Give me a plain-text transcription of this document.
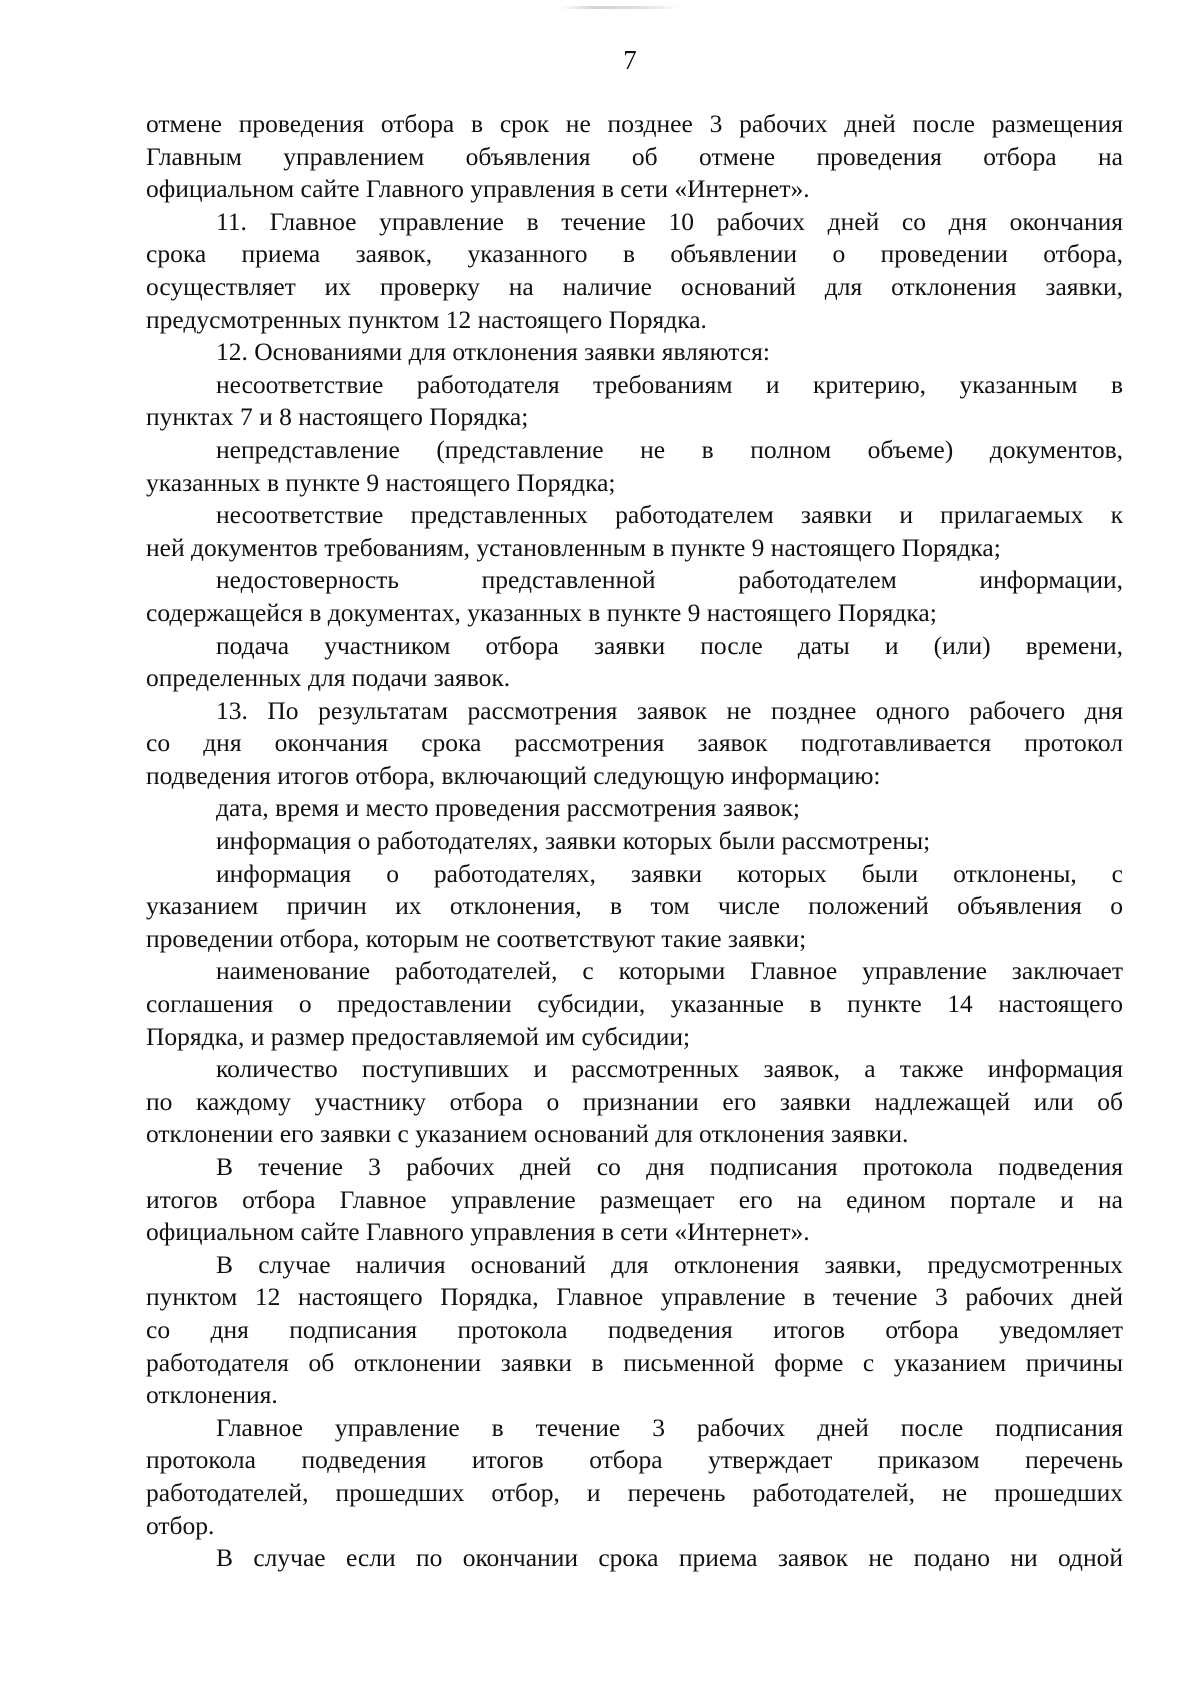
7
отмене проведения отбора в срок не позднее 3 рабочих дней после размещения
Главным управлением объявления об отмене проведения отбора на
официальном сайте Главного управления в сети «Интернет».
11. Главное управление в течение 10 рабочих дней со дня окончания
срока приема заявок, указанного в объявлении о проведении отбора,
осуществляет их проверку на наличие оснований для отклонения заявки,
предусмотренных пунктом 12 настоящего Порядка.
12. Основаниями для отклонения заявки являются:
несоответствие работодателя требованиям и критерию, указанным в
пунктах 7 и 8 настоящего Порядка;
непредставление (представление не в полном объеме) документов,
указанных в пункте 9 настоящего Порядка;
несоответствие представленных работодателем заявки и прилагаемых к
ней документов требованиям, установленным в пункте 9 настоящего Порядка;
недостоверность представленной работодателем информации,
содержащейся в документах, указанных в пункте 9 настоящего Порядка;
подача участником отбора заявки после даты и (или) времени,
определенных для подачи заявок.
13. По результатам рассмотрения заявок не позднее одного рабочего дня
со дня окончания срока рассмотрения заявок подготавливается протокол
подведения итогов отбора, включающий следующую информацию:
дата, время и место проведения рассмотрения заявок;
информация о работодателях, заявки которых были рассмотрены;
информация о работодателях, заявки которых были отклонены, с
указанием причин их отклонения, в том числе положений объявления о
проведении отбора, которым не соответствуют такие заявки;
наименование работодателей, с которыми Главное управление заключает
соглашения о предоставлении субсидии, указанные в пункте 14 настоящего
Порядка, и размер предоставляемой им субсидии;
количество поступивших и рассмотренных заявок, а также информация
по каждому участнику отбора о признании его заявки надлежащей или об
отклонении его заявки с указанием оснований для отклонения заявки.
В течение 3 рабочих дней со дня подписания протокола подведения
итогов отбора Главное управление размещает его на едином портале и на
официальном сайте Главного управления в сети «Интернет».
В случае наличия оснований для отклонения заявки, предусмотренных
пунктом 12 настоящего Порядка, Главное управление в течение 3 рабочих дней
со дня подписания протокола подведения итогов отбора уведомляет
работодателя об отклонении заявки в письменной форме с указанием причины
отклонения.
Главное управление в течение 3 рабочих дней после подписания
протокола подведения итогов отбора утверждает приказом перечень
работодателей, прошедших отбор, и перечень работодателей, не прошедших
отбор.
В случае если по окончании срока приема заявок не подано ни одной
